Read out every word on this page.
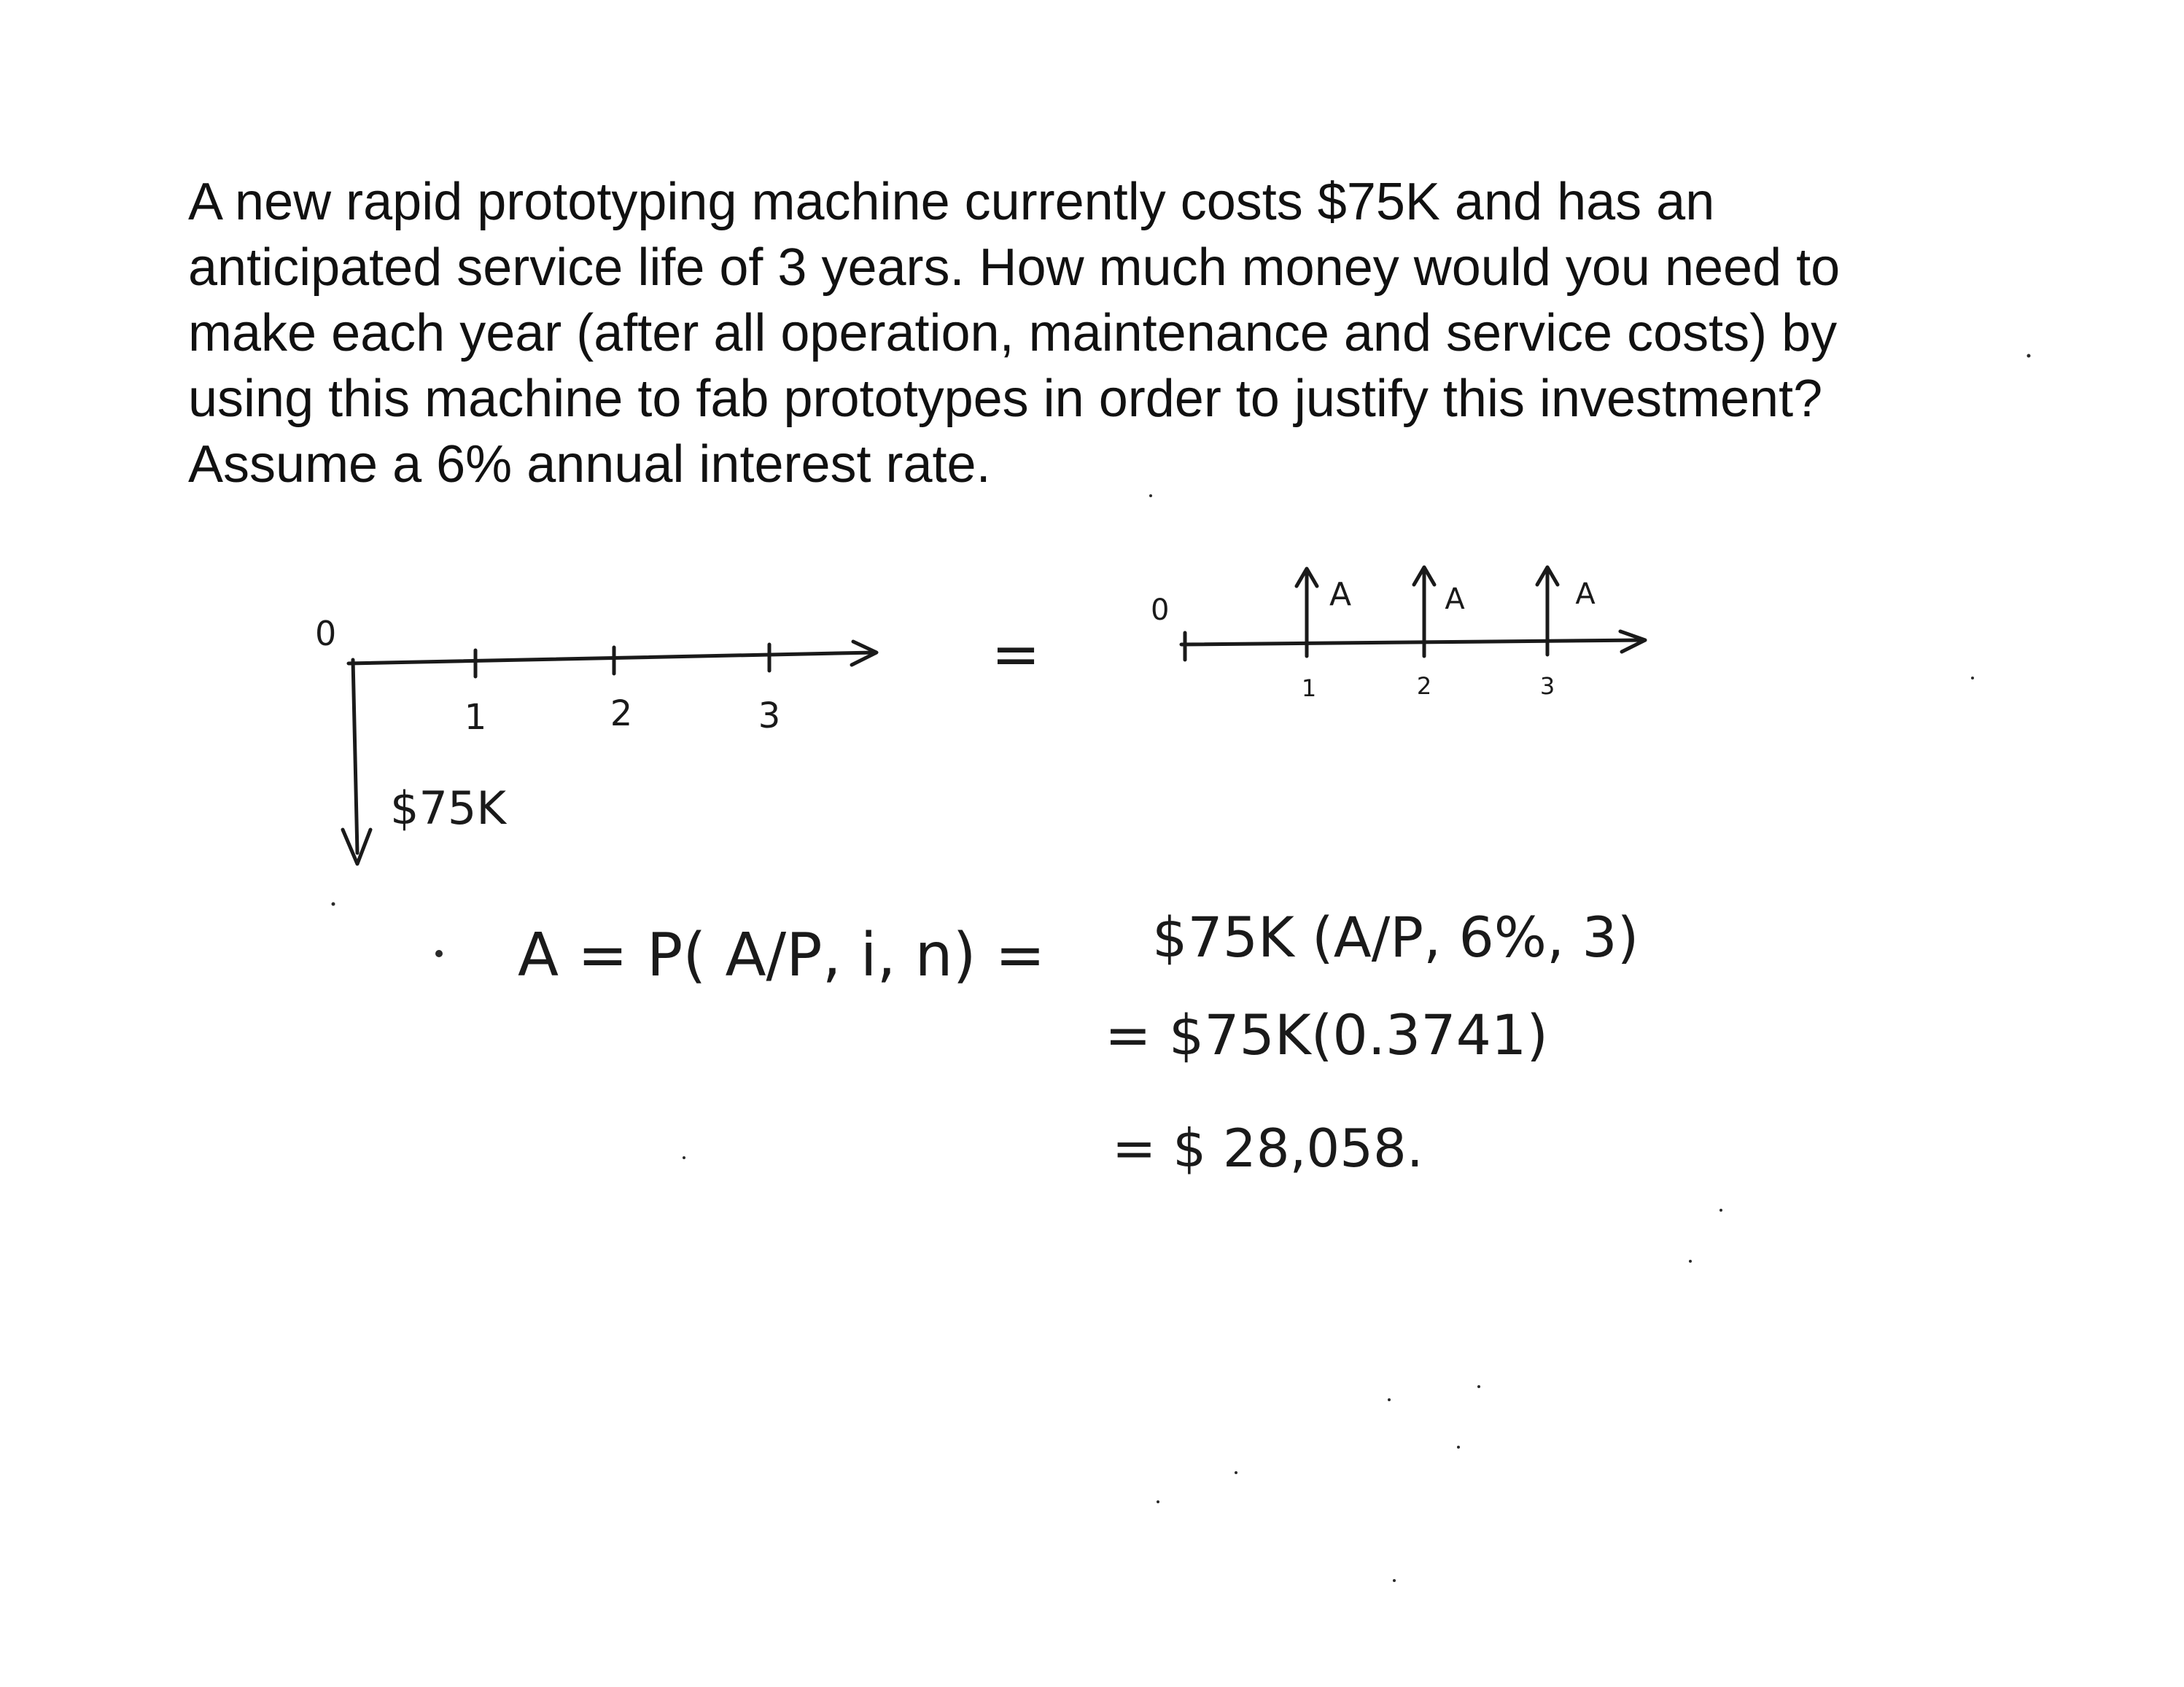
A new rapid prototyping machine currently costs $75K and has an
anticipated service life of 3 years. How much money would you need to
make each year (after all operation, maintenance and service costs) by
using this machine to fab prototypes in order to justify this investment?
Assume a 6% annual interest rate.
0
1	2	3
$75K
=
0	A	A	A
1	2	3
A = P( A/P, i, n) = $75K (A/P, 6%, 3)
= $75K(0.3741)
= $ 28,058.
